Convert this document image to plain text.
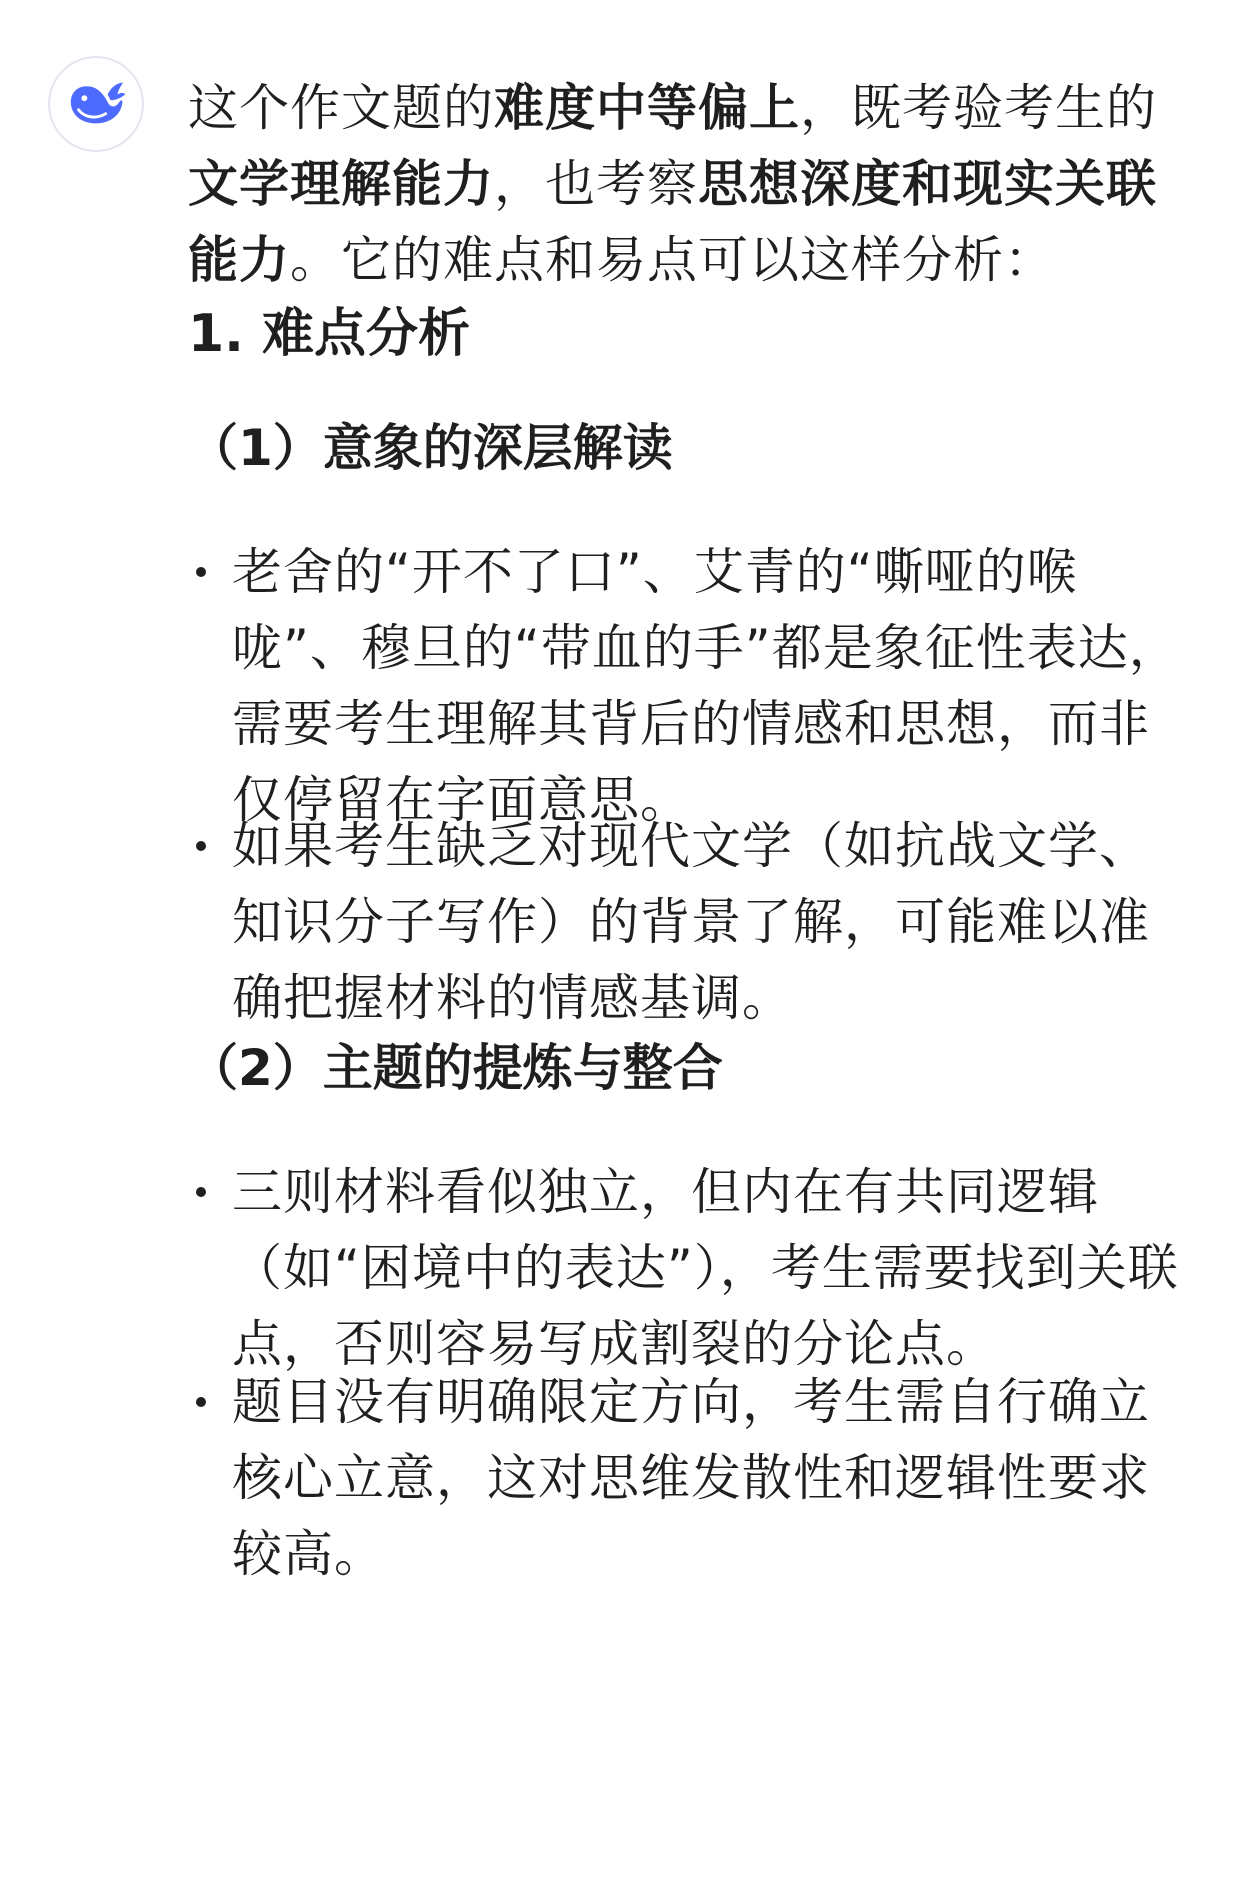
这个作文题的难度中等偏上，既考验考生的文学理解能力，也考察思想深度和现实关联能力。它的难点和易点可以这样分析：

1. 难点分析
（1）意象的深层解读
老舍的“开不了口”、艾青的“嘶哑的喉咙”、穆旦的“带血的手”都是象征性表达，需要考生理解其背后的情感和思想，而非仅停留在字面意思。
如果考生缺乏对现代文学（如抗战文学、知识分子写作）的背景了解，可能难以准确把握材料的情感基调。
（2）主题的提炼与整合
三则材料看似独立，但内在有共同逻辑（如“困境中的表达”），考生需要找到关联点，否则容易写成割裂的分论点。
题目没有明确限定方向，考生需自行确立核心立意，这对思维发散性和逻辑性要求较高。
